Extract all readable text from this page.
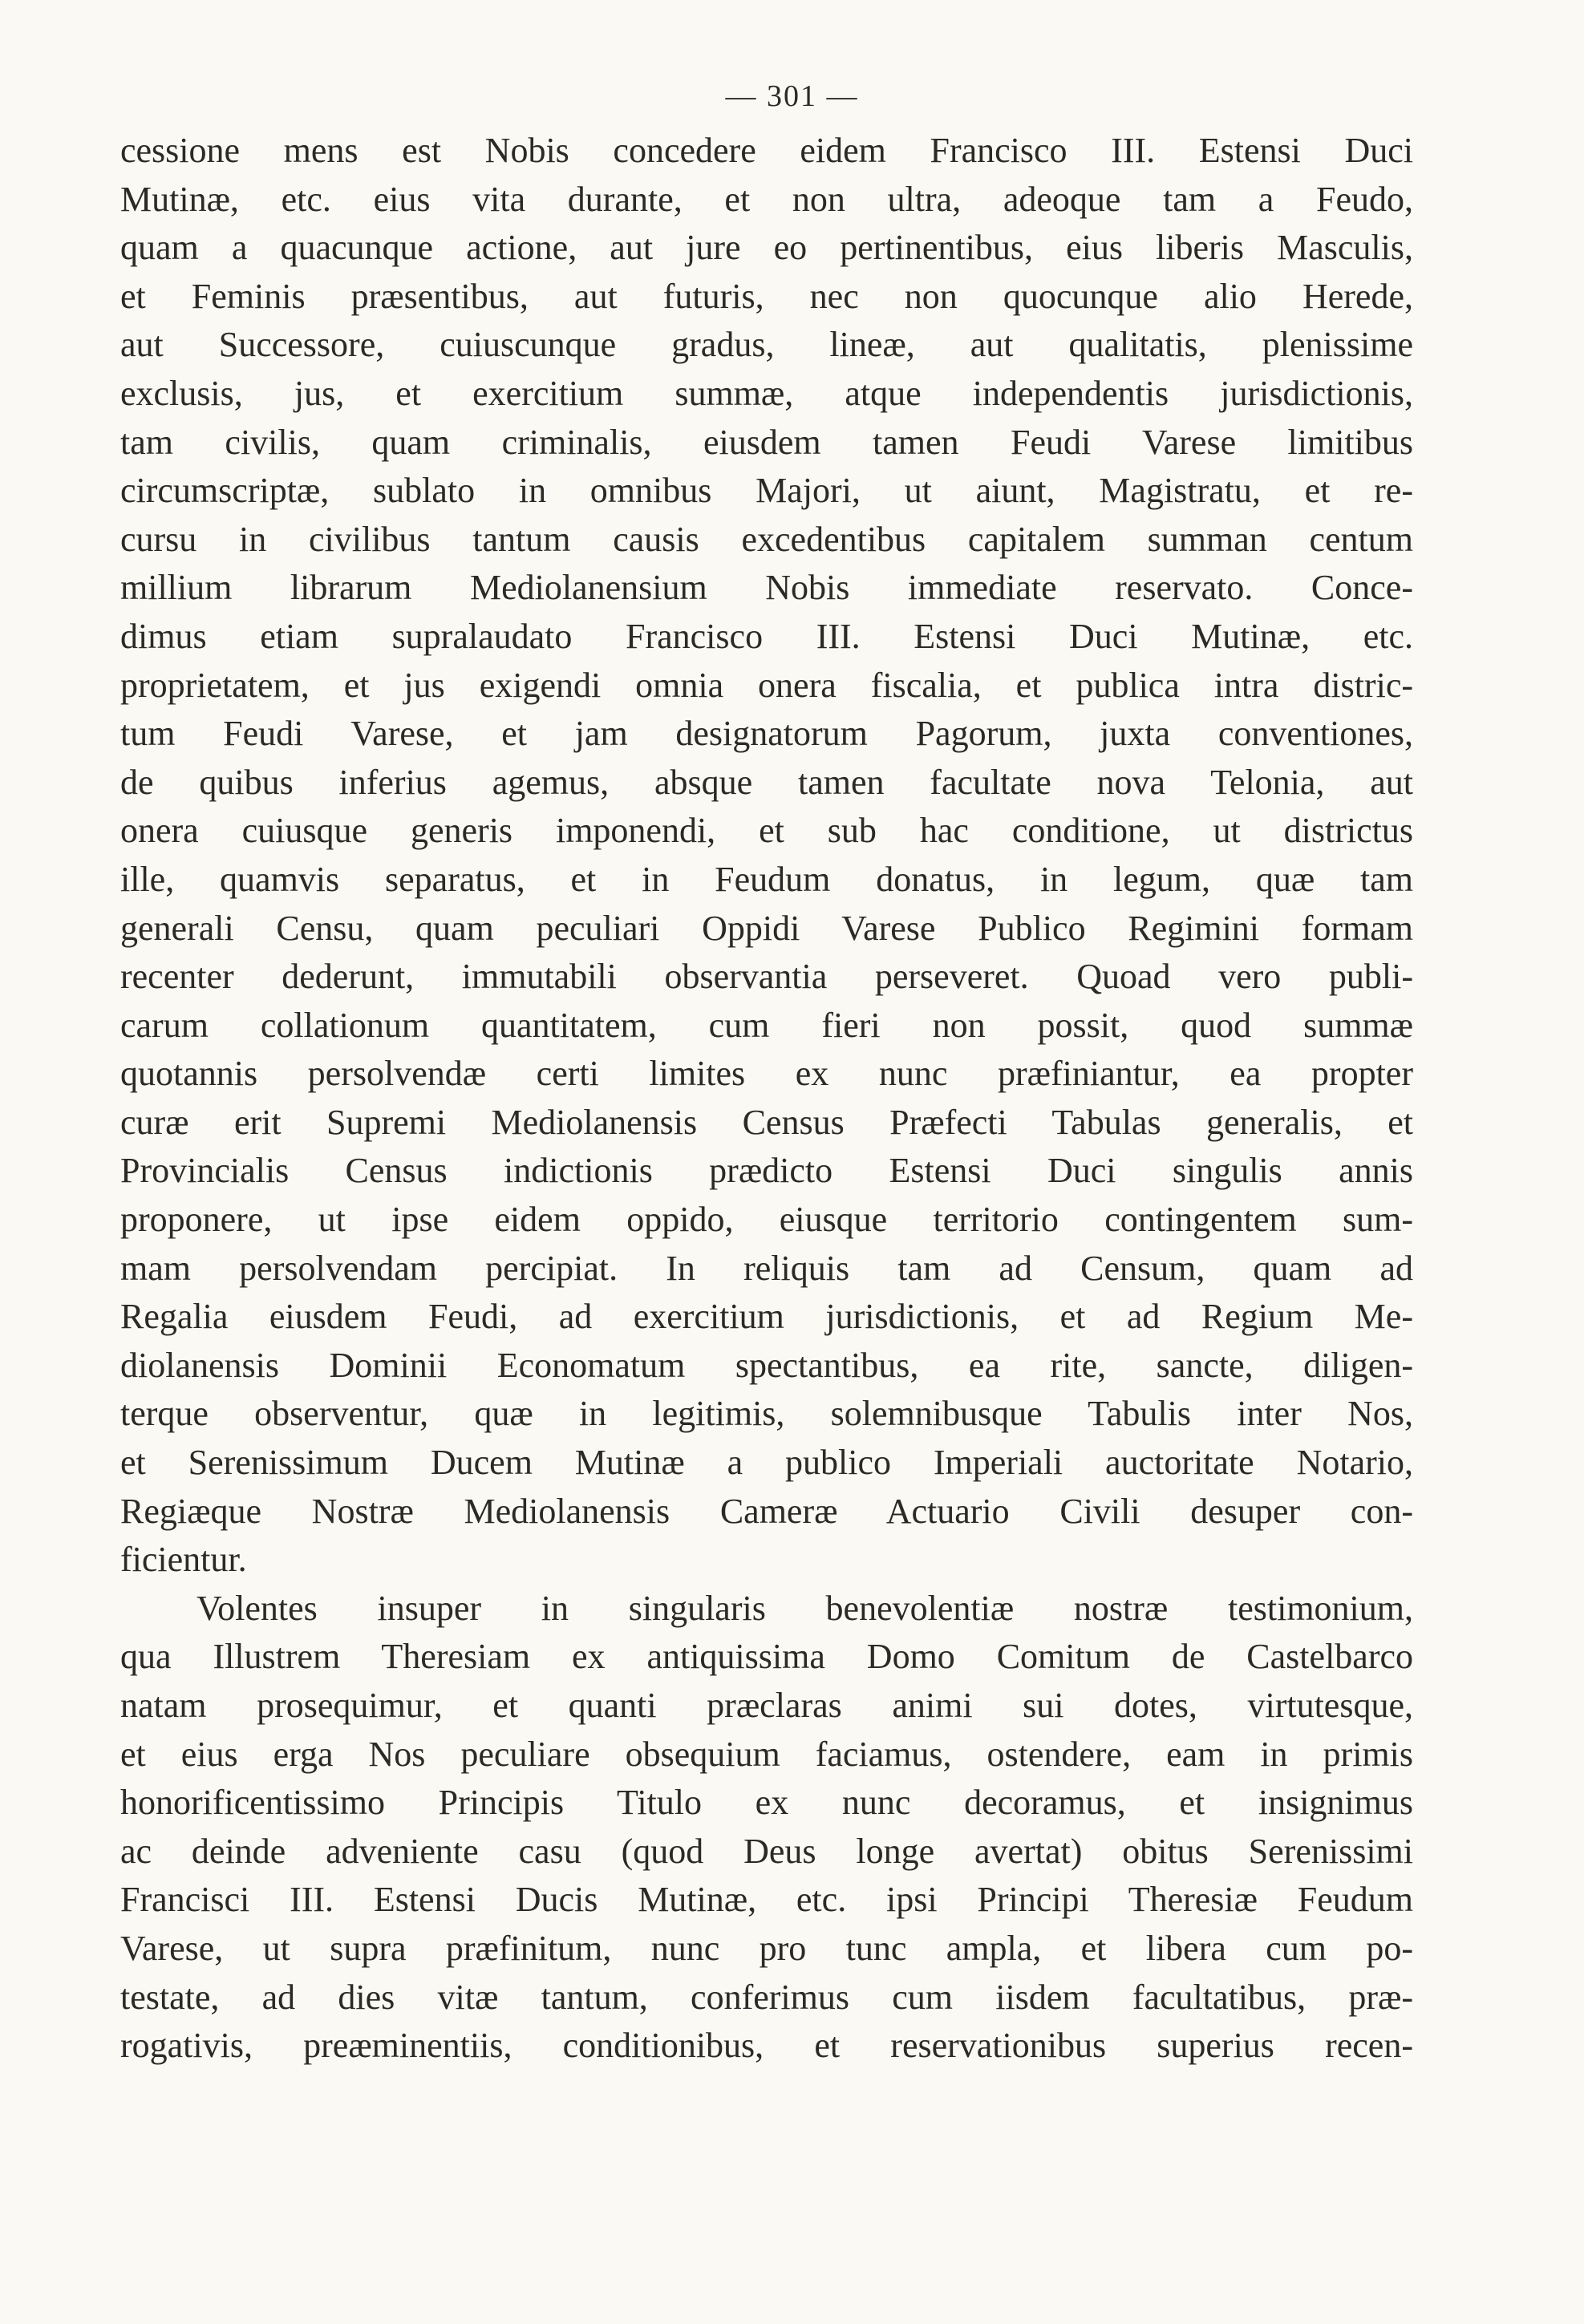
— 301 —
cessione mens est Nobis concedere eidem Francisco III. Estensi Duci
Mutinæ, etc. eius vita durante, et non ultra, adeoque tam a Feudo,
quam a quacunque actione, aut jure eo pertinentibus, eius liberis Masculis,
et Feminis præsentibus, aut futuris, nec non quocunque alio Herede,
aut Successore, cuiuscunque gradus, lineæ, aut qualitatis, plenissime
exclusis, jus, et exercitium summæ, atque independentis jurisdictionis,
tam civilis, quam criminalis, eiusdem tamen Feudi Varese limitibus
circumscriptæ, sublato in omnibus Majori, ut aiunt, Magistratu, et re-
cursu in civilibus tantum causis excedentibus capitalem summan centum
millium librarum Mediolanensium Nobis immediate reservato. Conce-
dimus etiam supralaudato Francisco III. Estensi Duci Mutinæ, etc.
proprietatem, et jus exigendi omnia onera fiscalia, et publica intra distric-
tum Feudi Varese, et jam designatorum Pagorum, juxta conventiones,
de quibus inferius agemus, absque tamen facultate nova Telonia, aut
onera cuiusque generis imponendi, et sub hac conditione, ut districtus
ille, quamvis separatus, et in Feudum donatus, in legum, quæ tam
generali Censu, quam peculiari Oppidi Varese Publico Regimini formam
recenter dederunt, immutabili observantia perseveret. Quoad vero publi-
carum collationum quantitatem, cum fieri non possit, quod summæ
quotannis persolvendæ certi limites ex nunc præfiniantur, ea propter
curæ erit Supremi Mediolanensis Census Præfecti Tabulas generalis, et
Provincialis Census indictionis prædicto Estensi Duci singulis annis
proponere, ut ipse eidem oppido, eiusque territorio contingentem sum-
mam persolvendam percipiat. In reliquis tam ad Censum, quam ad
Regalia eiusdem Feudi, ad exercitium jurisdictionis, et ad Regium Me-
diolanensis Dominii Economatum spectantibus, ea rite, sancte, diligen-
terque observentur, quæ in legitimis, solemnibusque Tabulis inter Nos,
et Serenissimum Ducem Mutinæ a publico Imperiali auctoritate Notario,
Regiæque Nostræ Mediolanensis Cameræ Actuario Civili desuper con-
ficientur.
Volentes insuper in singularis benevolentiæ nostræ testimonium,
qua Illustrem Theresiam ex antiquissima Domo Comitum de Castelbarco
natam prosequimur, et quanti præclaras animi sui dotes, virtutesque,
et eius erga Nos peculiare obsequium faciamus, ostendere, eam in primis
honorificentissimo Principis Titulo ex nunc decoramus, et insignimus
ac deinde adveniente casu (quod Deus longe avertat) obitus Serenissimi
Francisci III. Estensi Ducis Mutinæ, etc. ipsi Principi Theresiæ Feudum
Varese, ut supra præfinitum, nunc pro tunc ampla, et libera cum po-
testate, ad dies vitæ tantum, conferimus cum iisdem facultatibus, præ-
rogativis, preæminentiis, conditionibus, et reservationibus superius recen-
